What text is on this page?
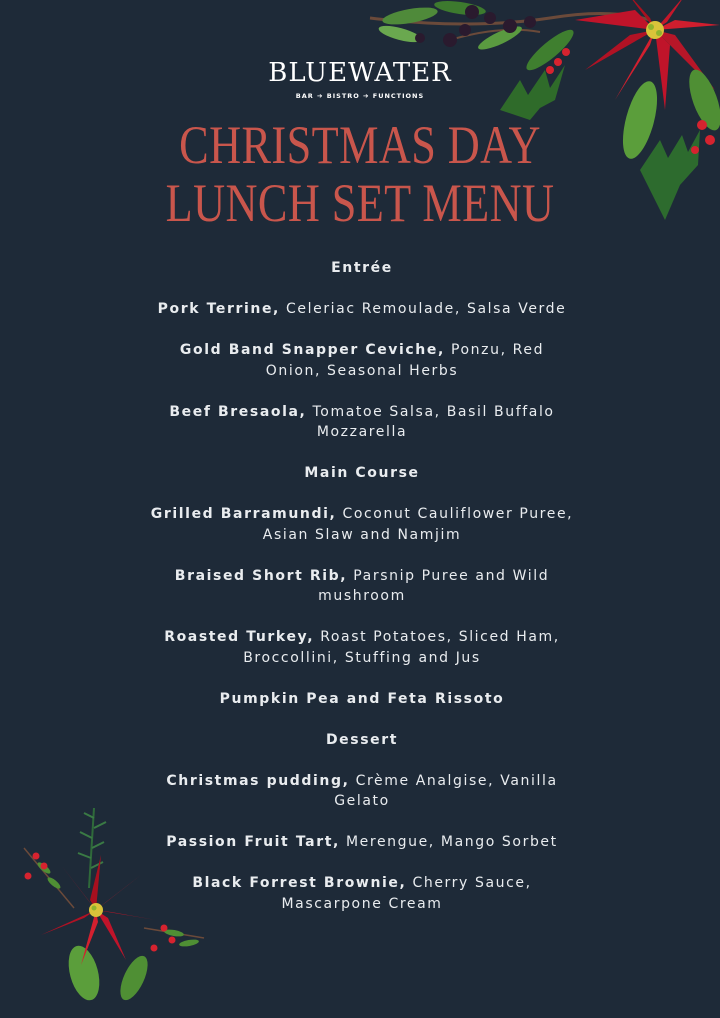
BLUEWATER
BAR ➔ BISTRO ➔ FUNCTIONS
CHRISTMAS DAY
LUNCH SET MENU
Entrée
Pork Terrine, Celeriac Remoulade, Salsa Verde
Gold Band Snapper Ceviche, Ponzu, Red Onion, Seasonal Herbs
Beef Bresaola, Tomatoe Salsa, Basil Buffalo Mozzarella
Main Course
Grilled Barramundi, Coconut Cauliflower Puree, Asian Slaw and Namjim
Braised Short Rib, Parsnip Puree and Wild mushroom
Roasted Turkey, Roast Potatoes, Sliced Ham, Broccollini, Stuffing and Jus
Pumpkin Pea and Feta Rissoto
Dessert
Christmas pudding, Crème Analgise, Vanilla Gelato
Passion Fruit Tart, Merengue, Mango Sorbet
Black Forrest Brownie, Cherry Sauce, Mascarpone Cream
